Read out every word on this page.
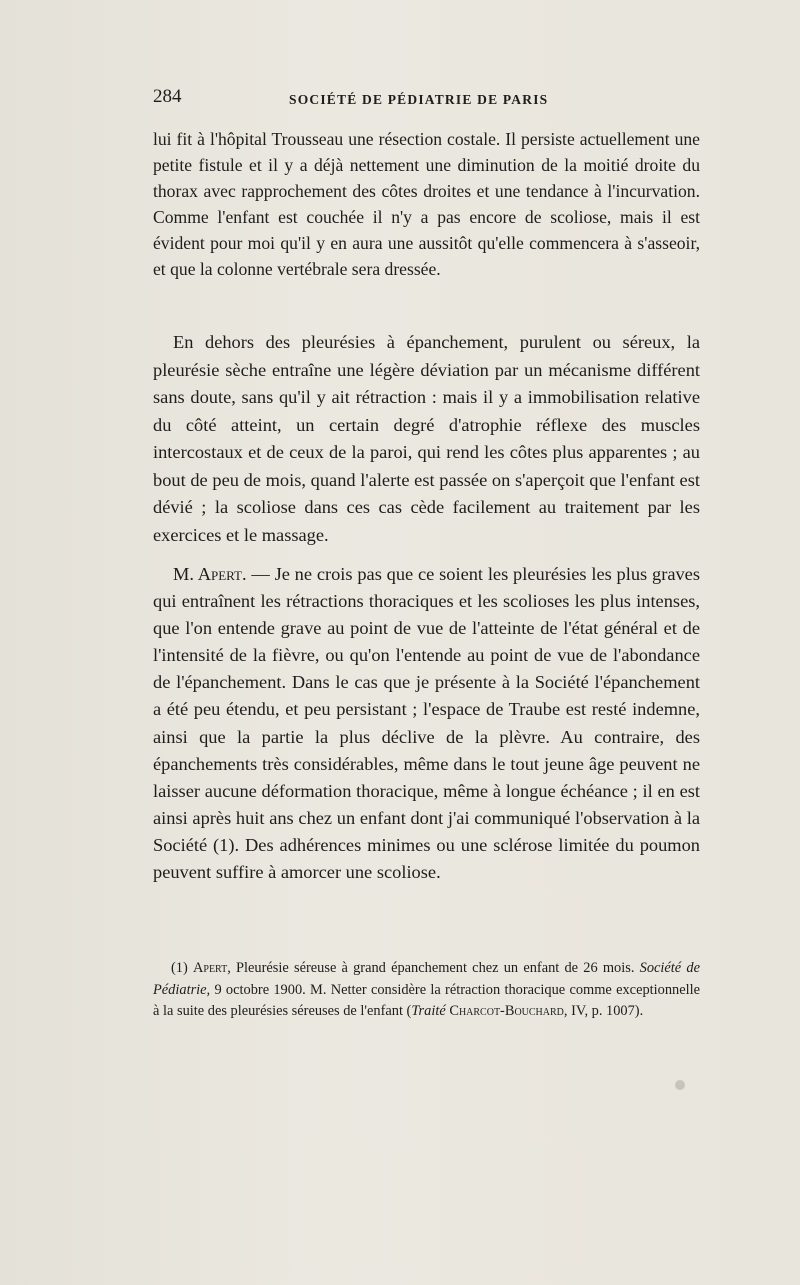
284	SOCIÉTÉ DE PÉDIATRIE DE PARIS

lui fit à l'hôpital Trousseau une résection costale. Il persiste actuellement une petite fistule et il y a déjà nettement une diminution de la moitié droite du thorax avec rapprochement des côtes droites et une tendance à l'incurvation. Comme l'enfant est couchée il n'y a pas encore de scoliose, mais il est évident pour moi qu'il y en aura une aussitôt qu'elle commencera à s'asseoir, et que la colonne vertébrale sera dressée.

En dehors des pleurésies à épanchement, purulent ou séreux, la pleurésie sèche entraîne une légère déviation par un mécanisme différent sans doute, sans qu'il y ait rétraction : mais il y a immobilisation relative du côté atteint, un certain degré d'atrophie réflexe des muscles intercostaux et de ceux de la paroi, qui rend les côtes plus apparentes ; au bout de peu de mois, quand l'alerte est passée on s'aperçoit que l'enfant est dévié ; la scoliose dans ces cas cède facilement au traitement par les exercices et le massage.

M. Apert. — Je ne crois pas que ce soient les pleurésies les plus graves qui entraînent les rétractions thoraciques et les scolioses les plus intenses, que l'on entende grave au point de vue de l'atteinte de l'état général et de l'intensité de la fièvre, ou qu'on l'entende au point de vue de l'abondance de l'épanchement. Dans le cas que je présente à la Société l'épanchement a été peu étendu, et peu persistant ; l'espace de Traube est resté indemne, ainsi que la partie la plus déclive de la plèvre. Au contraire, des épanchements très considérables, même dans le tout jeune âge peuvent ne laisser aucune déformation thoracique, même à longue échéance ; il en est ainsi après huit ans chez un enfant dont j'ai communiqué l'observation à la Société (1). Des adhérences minimes ou une sclérose limitée du poumon peuvent suffire à amorcer une scoliose.

(1) Apert, Pleurésie séreuse à grand épanchement chez un enfant de 26 mois. Société de Pédiatrie, 9 octobre 1900. M. Netter considère la rétraction thoracique comme exceptionnelle à la suite des pleurésies séreuses de l'enfant (Traité Charcot-Bouchard, IV, p. 1007).
